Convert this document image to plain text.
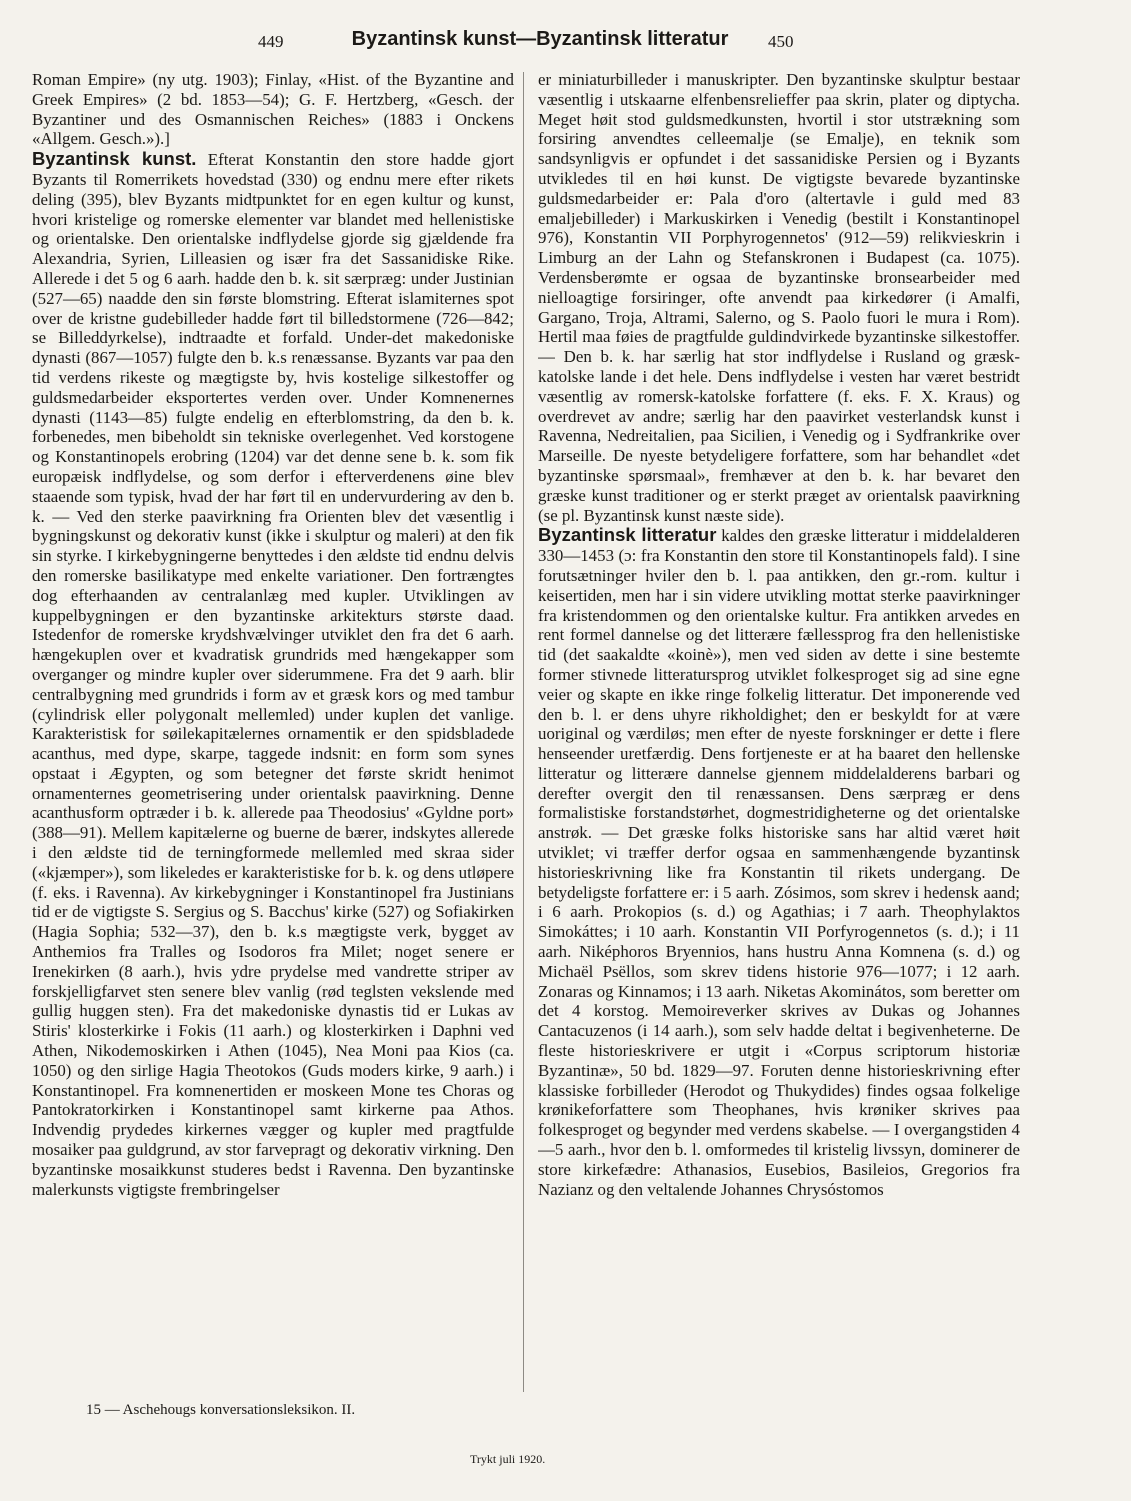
449	Byzantinsk kunst—Byzantinsk litteratur	450

Roman Empire» (ny utg. 1903); Finlay, «Hist. of the Byzantine and Greek Empires» (2 bd. 1853—54); G. F. Hertzberg, «Gesch. der Byzantiner und des Osmannischen Reiches» (1883 i Onckens «Allgem. Gesch.»).]

Byzantinsk kunst. Efterat Konstantin den store hadde gjort Byzants til Romerrikets hovedstad (330) og endnu mere efter rikets deling (395), blev Byzants midtpunktet for en egen kultur og kunst, hvori kristelige og romerske elementer var blandet med hellenistiske og orientalske. Den orientalske indflydelse gjorde sig gjældende fra Alexandria, Syrien, Lilleasien og især fra det Sassanidiske Rike. Allerede i det 5 og 6 aarh. hadde den b. k. sit særpræg: under Justinian (527—65) naadde den sin første blomstring. Efterat islamiternes spot over de kristne gudebilleder hadde ført til billedstormene (726—842; se Billeddyrkelse), indtraadte et forfald. Under-det makedoniske dynasti (867—1057) fulgte den b. k.s renæssanse. Byzants var paa den tid verdens rikeste og mægtigste by, hvis kostelige silkestoffer og guldsmedarbeider eksportertes verden over. Under Komnenernes dynasti (1143—85) fulgte endelig en efterblomstring, da den b. k. forbenedes, men bibeholdt sin tekniske overlegenhet. Ved korstogene og Konstantinopels erobring (1204) var det denne sene b. k. som fik europæisk indflydelse, og som derfor i efterverdenens øine blev staaende som typisk, hvad der har ført til en undervurdering av den b. k. — Ved den sterke paavirkning fra Orienten blev det væsentlig i bygningskunst og dekorativ kunst (ikke i skulptur og maleri) at den fik sin styrke. I kirkebygningerne benyttedes i den ældste tid endnu delvis den romerske basilikatype med enkelte variationer. Den fortrængtes dog efterhaanden av centralanlæg med kupler. Utviklingen av kuppelbygningen er den byzantinske arkitekturs største daad. Istedenfor de romerske krydshvælvinger utviklet den fra det 6 aarh. hængekuplen over et kvadratisk grundrids med hængekapper som overganger og mindre kupler over siderummene. Fra det 9 aarh. blir centralbygning med grundrids i form av et græsk kors og med tambur (cylindrisk eller polygonalt mellemled) under kuplen det vanlige. Karakteristisk for søilekapitælernes ornamentik er den spidsbladede acanthus, med dype, skarpe, taggede indsnit: en form som synes opstaat i Ægypten, og som betegner det første skridt henimot ornamenternes geometrisering under orientalsk paavirkning. Denne acanthusform optræder i b. k. allerede paa Theodosius' «Gyldne port» (388—91). Mellem kapitælerne og buerne de bærer, indskytes allerede i den ældste tid de terningformede mellemled med skraa sider («kjæmper»), som likeledes er karakteristiske for b. k. og dens utløpere (f. eks. i Ravenna). Av kirkebygninger i Konstantinopel fra Justinians tid er de vigtigste S. Sergius og S. Bacchus' kirke (527) og Sofiakirken (Hagia Sophia; 532—37), den b. k.s mægtigste verk, bygget av Anthemios fra Tralles og Isodoros fra Milet; noget senere er Irenekirken (8 aarh.), hvis ydre prydelse med vandrette striper av forskjelligfarvet sten senere blev vanlig (rød teglsten vekslende med gullig huggen sten). Fra det makedoniske dynastis tid er Lukas av Stiris' klosterkirke i Fokis (11 aarh.) og klosterkirken i Daphni ved Athen, Nikodemoskirken i Athen (1045), Nea Moni paa Kios (ca. 1050) og den sirlige Hagia Theotokos (Guds moders kirke, 9 aarh.) i Konstantinopel. Fra komnenertiden er moskeen Mone tes Choras og Pantokratorkirken i Konstantinopel samt kirkerne paa Athos. Indvendig prydedes kirkernes vægger og kupler med pragtfulde mosaiker paa guldgrund, av stor farvepragt og dekorativ virkning. Den byzantinske mosaikkunst studeres bedst i Ravenna. Den byzantinske malerkunsts vigtigste frembringelser

er miniaturbilleder i manuskripter. Den byzantinske skulptur bestaar væsentlig i utskaarne elfenbensrelieffer paa skrin, plater og diptycha. Meget høit stod guldsmedkunsten, hvortil i stor utstrækning som forsiring anvendtes celleemalje (se Emalje), en teknik som sandsynligvis er opfundet i det sassanidiske Persien og i Byzants utvikledes til en høi kunst. De vigtigste bevarede byzantinske guldsmedarbeider er: Pala d'oro (altertavle i guld med 83 emaljebilleder) i Markuskirken i Venedig (bestilt i Konstantinopel 976), Konstantin VII Porphyrogennetos' (912—59) relikvieskrin i Limburg an der Lahn og Stefanskronen i Budapest (ca. 1075). Verdensberømte er ogsaa de byzantinske bronsearbeider med nielloagtige forsiringer, ofte anvendt paa kirkedører (i Amalfi, Gargano, Troja, Altrami, Salerno, og S. Paolo fuori le mura i Rom). Hertil maa føies de pragtfulde guldindvirkede byzantinske silkestoffer. — Den b. k. har særlig hat stor indflydelse i Rusland og græsk-katolske lande i det hele. Dens indflydelse i vesten har været bestridt væsentlig av romersk-katolske forfattere (f. eks. F. X. Kraus) og overdrevet av andre; særlig har den paavirket vesterlandsk kunst i Ravenna, Nedreitalien, paa Sicilien, i Venedig og i Sydfrankrike over Marseille. De nyeste betydeligere forfattere, som har behandlet «det byzantinske spørsmaal», fremhæver at den b. k. har bevaret den græske kunst traditioner og er sterkt præget av orientalsk paavirkning (se pl. Byzantinsk kunst næste side).

Byzantinsk litteratur kaldes den græske litteratur i middelalderen 330—1453 (ɔ: fra Konstantin den store til Konstantinopels fald). I sine forutsætninger hviler den b. l. paa antikken, den gr.-rom. kultur i keisertiden, men har i sin videre utvikling mottat sterke paavirkninger fra kristendommen og den orientalske kultur. Fra antikken arvedes en rent formel dannelse og det litterære fællessprog fra den hellenistiske tid (det saakaldte «koinè»), men ved siden av dette i sine bestemte former stivnede litteratursprog utviklet folkesproget sig ad sine egne veier og skapte en ikke ringe folkelig litteratur. Det imponerende ved den b. l. er dens uhyre rikholdighet; den er beskyldt for at være uoriginal og værdiløs; men efter de nyeste forskninger er dette i flere henseender uretfærdig. Dens fortjeneste er at ha baaret den hellenske litteratur og litterære dannelse gjennem middelalderens barbari og derefter overgit den til renæssansen. Dens særpræg er dens formalistiske forstandstørhet, dogmestridigheterne og det orientalske anstrøk. — Det græske folks historiske sans har altid været høit utviklet; vi træffer derfor ogsaa en sammenhængende byzantinsk historieskrivning like fra Konstantin til rikets undergang. De betydeligste forfattere er: i 5 aarh. Zósimos, som skrev i hedensk aand; i 6 aarh. Prokopios (s. d.) og Agathias; i 7 aarh. Theophylaktos Simokáttes; i 10 aarh. Konstantin VII Porfyrogennetos (s. d.); i 11 aarh. Niképhoros Bryennios, hans hustru Anna Komnena (s. d.) og Michaël Psëllos, som skrev tidens historie 976—1077; i 12 aarh. Zonaras og Kinnamos; i 13 aarh. Niketas Akominátos, som beretter om det 4 korstog. Memoireverker skrives av Dukas og Johannes Cantacuzenos (i 14 aarh.), som selv hadde deltat i begivenheterne. De fleste historieskrivere er utgit i «Corpus scriptorum historiæ Byzantinæ», 50 bd. 1829—97. Foruten denne historieskrivning efter klassiske forbilleder (Herodot og Thukydides) findes ogsaa folkelige krønikeforfattere som Theophanes, hvis krøniker skrives paa folkesproget og begynder med verdens skabelse. — I overgangstiden 4—5 aarh., hvor den b. l. omformedes til kristelig livssyn, dominerer de store kirkefædre: Athanasios, Eusebios, Basileios, Gregorios fra Nazianz og den veltalende Johannes Chrysóstomos

15 — Aschehougs konversationsleksikon. II.
Trykt juli 1920.
